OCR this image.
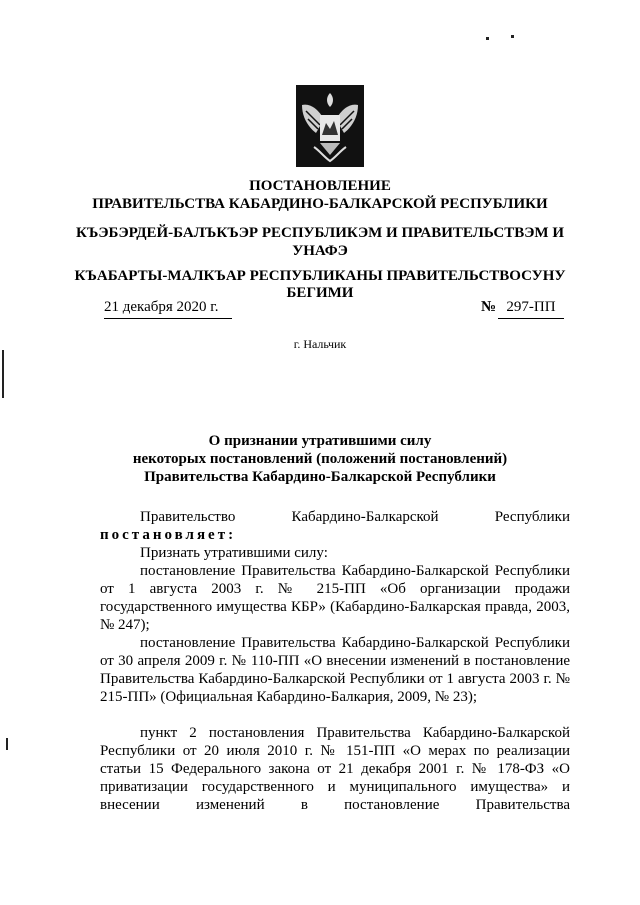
ПОСТАНОВЛЕНИЕ
ПРАВИТЕЛЬСТВА КАБАРДИНО-БАЛКАРСКОЙ РЕСПУБЛИКИ
КЪЭБЭРДЕЙ-БАЛЪКЪЭР РЕСПУБЛИКЭМ И ПРАВИТЕЛЬСТВЭМ И
УНАФЭ
КЪАБАРТЫ-МАЛКЪАР РЕСПУБЛИКАНЫ ПРАВИТЕЛЬСТВОСУНУ
БЕГИМИ
21 декабря 2020 г.	№ 297-ПП
г. Нальчик
О признании утратившими силу
некоторых постановлений (положений постановлений)
Правительства Кабардино-Балкарской Республики
Правительство Кабардино-Балкарской Республики
постановляет:
Признать утратившими силу:
постановление Правительства Кабардино-Балкарской Республики от 1 августа 2003 г. № 215-ПП «Об организации продажи государственного имущества КБР» (Кабардино-Балкарская правда, 2003, № 247);
постановление Правительства Кабардино-Балкарской Республики от 30 апреля 2009 г. № 110-ПП «О внесении изменений в постановление Правительства Кабардино-Балкарской Республики от 1 августа 2003 г. № 215-ПП» (Официальная Кабардино-Балкария, 2009, № 23);
пункт 2 постановления Правительства Кабардино-Балкарской Республики от 20 июля 2010 г. № 151-ПП «О мерах по реализации статьи 15 Федерального закона от 21 декабря 2001 г. № 178-ФЗ «О приватизации государственного и муниципального имущества» и внесении изменений в постановление Правительства
